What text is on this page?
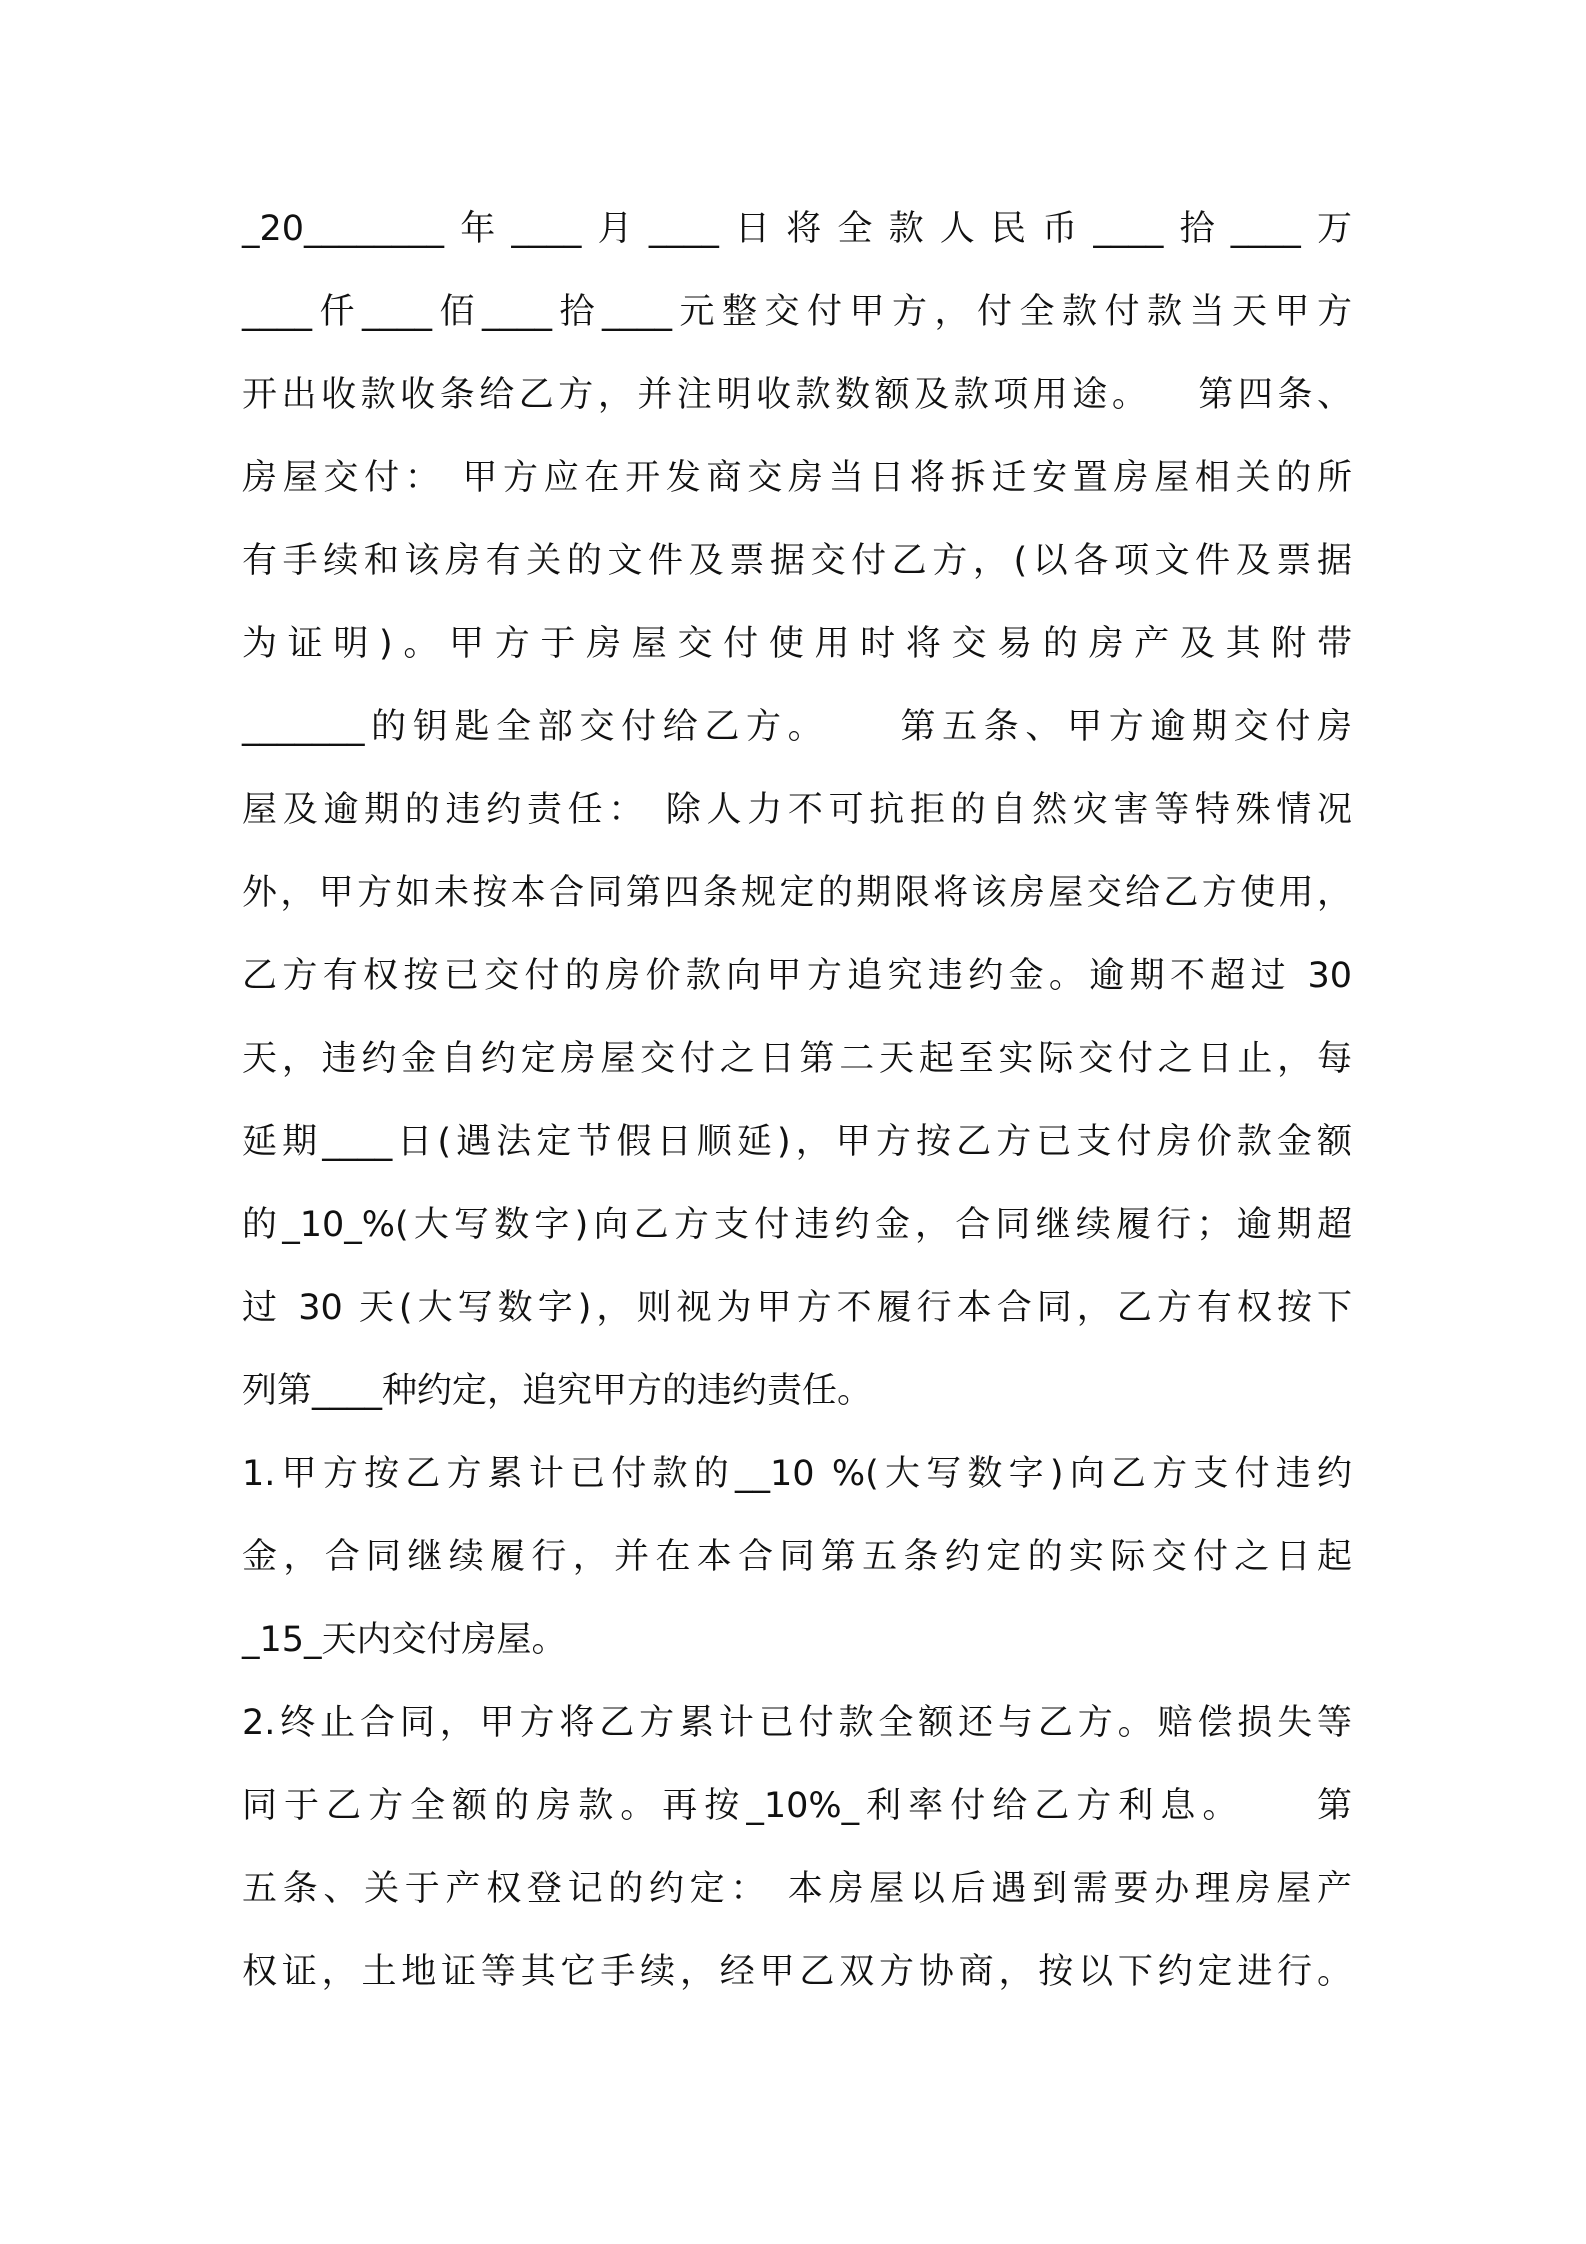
_20________年____月____日将全款人民币____拾____万
____仟____佰____拾____元整交付甲方，付全款付款当天甲方
开出收款收条给乙方，并注明收款数额及款项用途。   第四条、
房屋交付： 甲方应在开发商交房当日将拆迁安置房屋相关的所
有手续和该房有关的文件及票据交付乙方，(以各项文件及票据
为证明)。甲方于房屋交付使用时将交易的房产及其附带
_______的钥匙全部交付给乙方。    第五条、甲方逾期交付房
屋及逾期的违约责任： 除人力不可抗拒的自然灾害等特殊情况
外，甲方如未按本合同第四条规定的期限将该房屋交给乙方使用，
乙方有权按已交付的房价款向甲方追究违约金。逾期不超过 30
天，违约金自约定房屋交付之日第二天起至实际交付之日止，每
延期____日(遇法定节假日顺延)，甲方按乙方已支付房价款金额
的_10_%(大写数字)向乙方支付违约金，合同继续履行；逾期超
过 30 天(大写数字)，则视为甲方不履行本合同，乙方有权按下
列第____种约定，追究甲方的违约责任。
1.甲方按乙方累计已付款的__10 %(大写数字)向乙方支付违约
金，合同继续履行，并在本合同第五条约定的实际交付之日起
_15_天内交付房屋。
2.终止合同，甲方将乙方累计已付款全额还与乙方。赔偿损失等
同于乙方全额的房款。再按_10%_利率付给乙方利息。    第
五条、关于产权登记的约定： 本房屋以后遇到需要办理房屋产
权证，土地证等其它手续，经甲乙双方协商，按以下约定进行。
